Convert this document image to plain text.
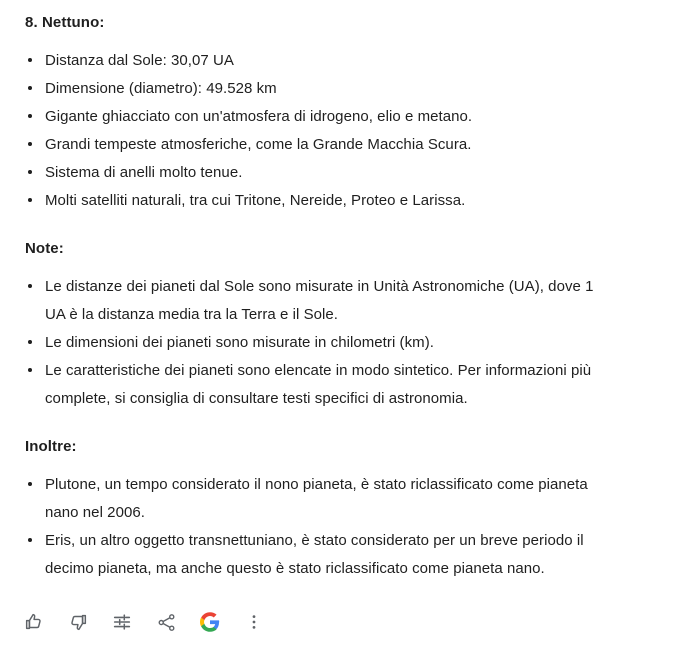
8. Nettuno:

Distanza dal Sole: 30,07 UA
Dimensione (diametro): 49.528 km
Gigante ghiacciato con un'atmosfera di idrogeno, elio e metano.
Grandi tempeste atmosferiche, come la Grande Macchia Scura.
Sistema di anelli molto tenue.
Molti satelliti naturali, tra cui Tritone, Nereide, Proteo e Larissa.

Note:

Le distanze dei pianeti dal Sole sono misurate in Unità Astronomiche (UA), dove 1 UA è la distanza media tra la Terra e il Sole.
Le dimensioni dei pianeti sono misurate in chilometri (km).
Le caratteristiche dei pianeti sono elencate in modo sintetico. Per informazioni più complete, si consiglia di consultare testi specifici di astronomia.

Inoltre:

Plutone, un tempo considerato il nono pianeta, è stato riclassificato come pianeta nano nel 2006.
Eris, un altro oggetto transnettuniano, è stato considerato per un breve periodo il decimo pianeta, ma anche questo è stato riclassificato come pianeta nano.
